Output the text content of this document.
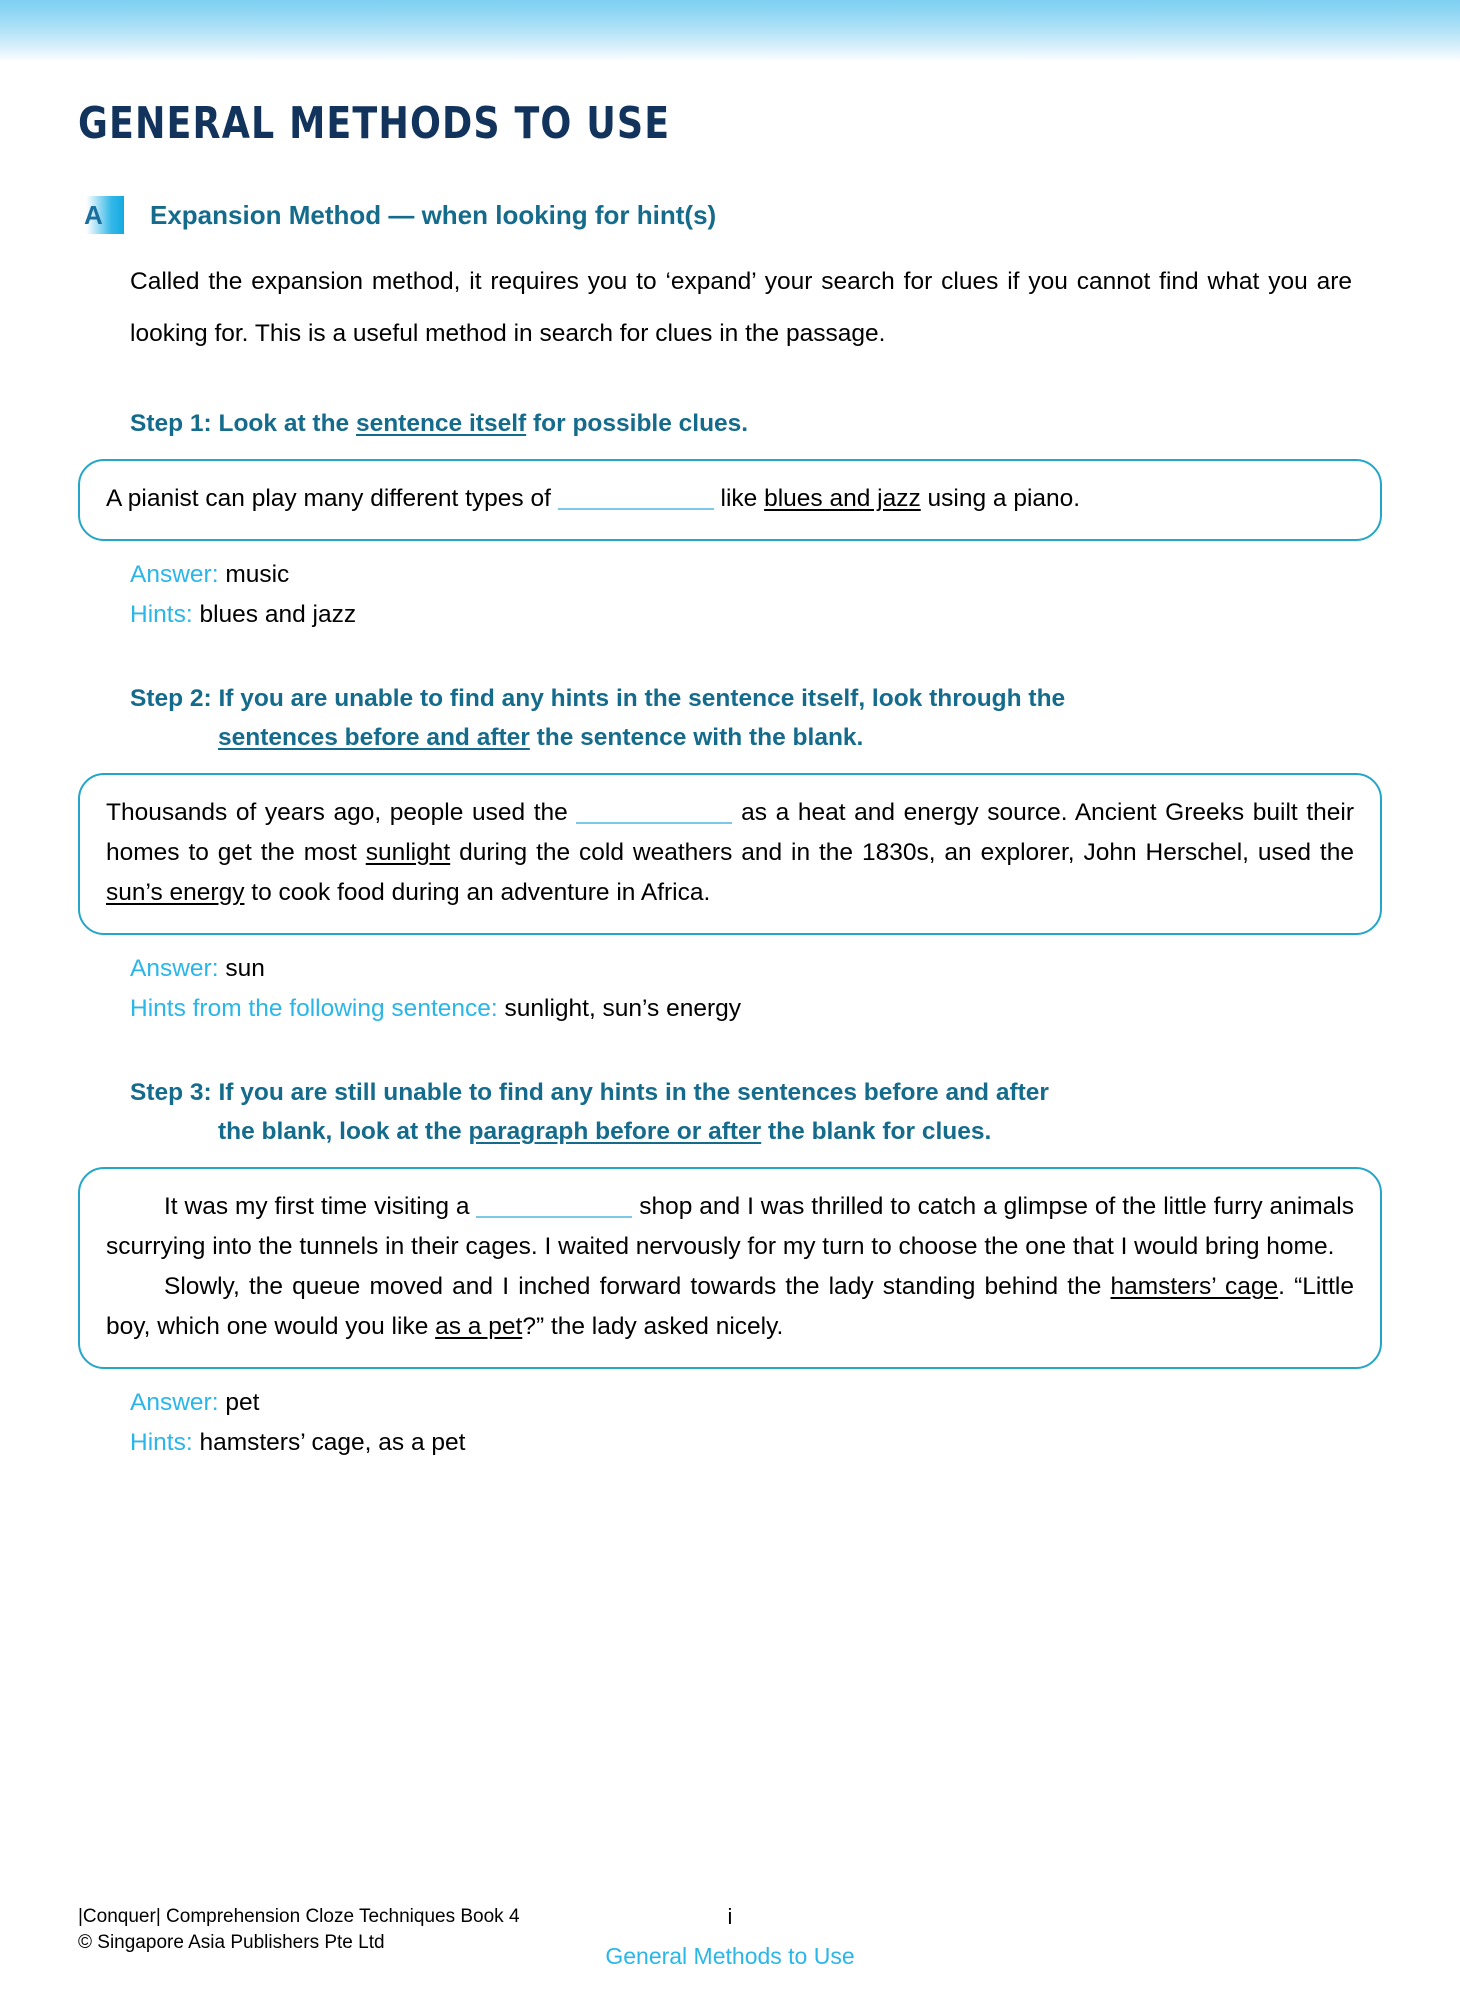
GENERAL METHODS TO USE
A Expansion Method — when looking for hint(s)
Called the expansion method, it requires you to ‘expand’ your search for clues if you cannot find what you are looking for. This is a useful method in search for clues in the passage.
Step 1: Look at the sentence itself for possible clues.

A pianist can play many different types of	like blues and jazz using a piano.

Answer: music
Hints: blues and jazz
Step 2: If you are unable to find any hints in the sentence itself, look through the
sentences before and after the sentence with the blank.

Thousands of years ago, people used the	as a heat and energy source. Ancient Greeks built their homes to get the most sunlight during the cold weathers and in the 1830s, an explorer, John Herschel, used the sun’s energy to cook food during an adventure in Africa.

Answer: sun
Hints from the following sentence: sunlight, sun’s energy
Step 3: If you are still unable to find any hints in the sentences before and after
the blank, look at the paragraph before or after the blank for clues.

It was my first time visiting a	shop and I was thrilled to catch a glimpse of the little furry animals scurrying into the tunnels in their cages. I waited nervously for my turn to choose the one that I would bring home.

Slowly, the queue moved and I inched forward towards the lady standing behind the hamsters’ cage. “Little boy, which one would you like as a pet?” the lady asked nicely.

Answer: pet
Hints: hamsters’ cage, as a pet
|Conquer| Comprehension Cloze Techniques Book 4
© Singapore Asia Publishers Pte Ltd
i
General Methods to Use
